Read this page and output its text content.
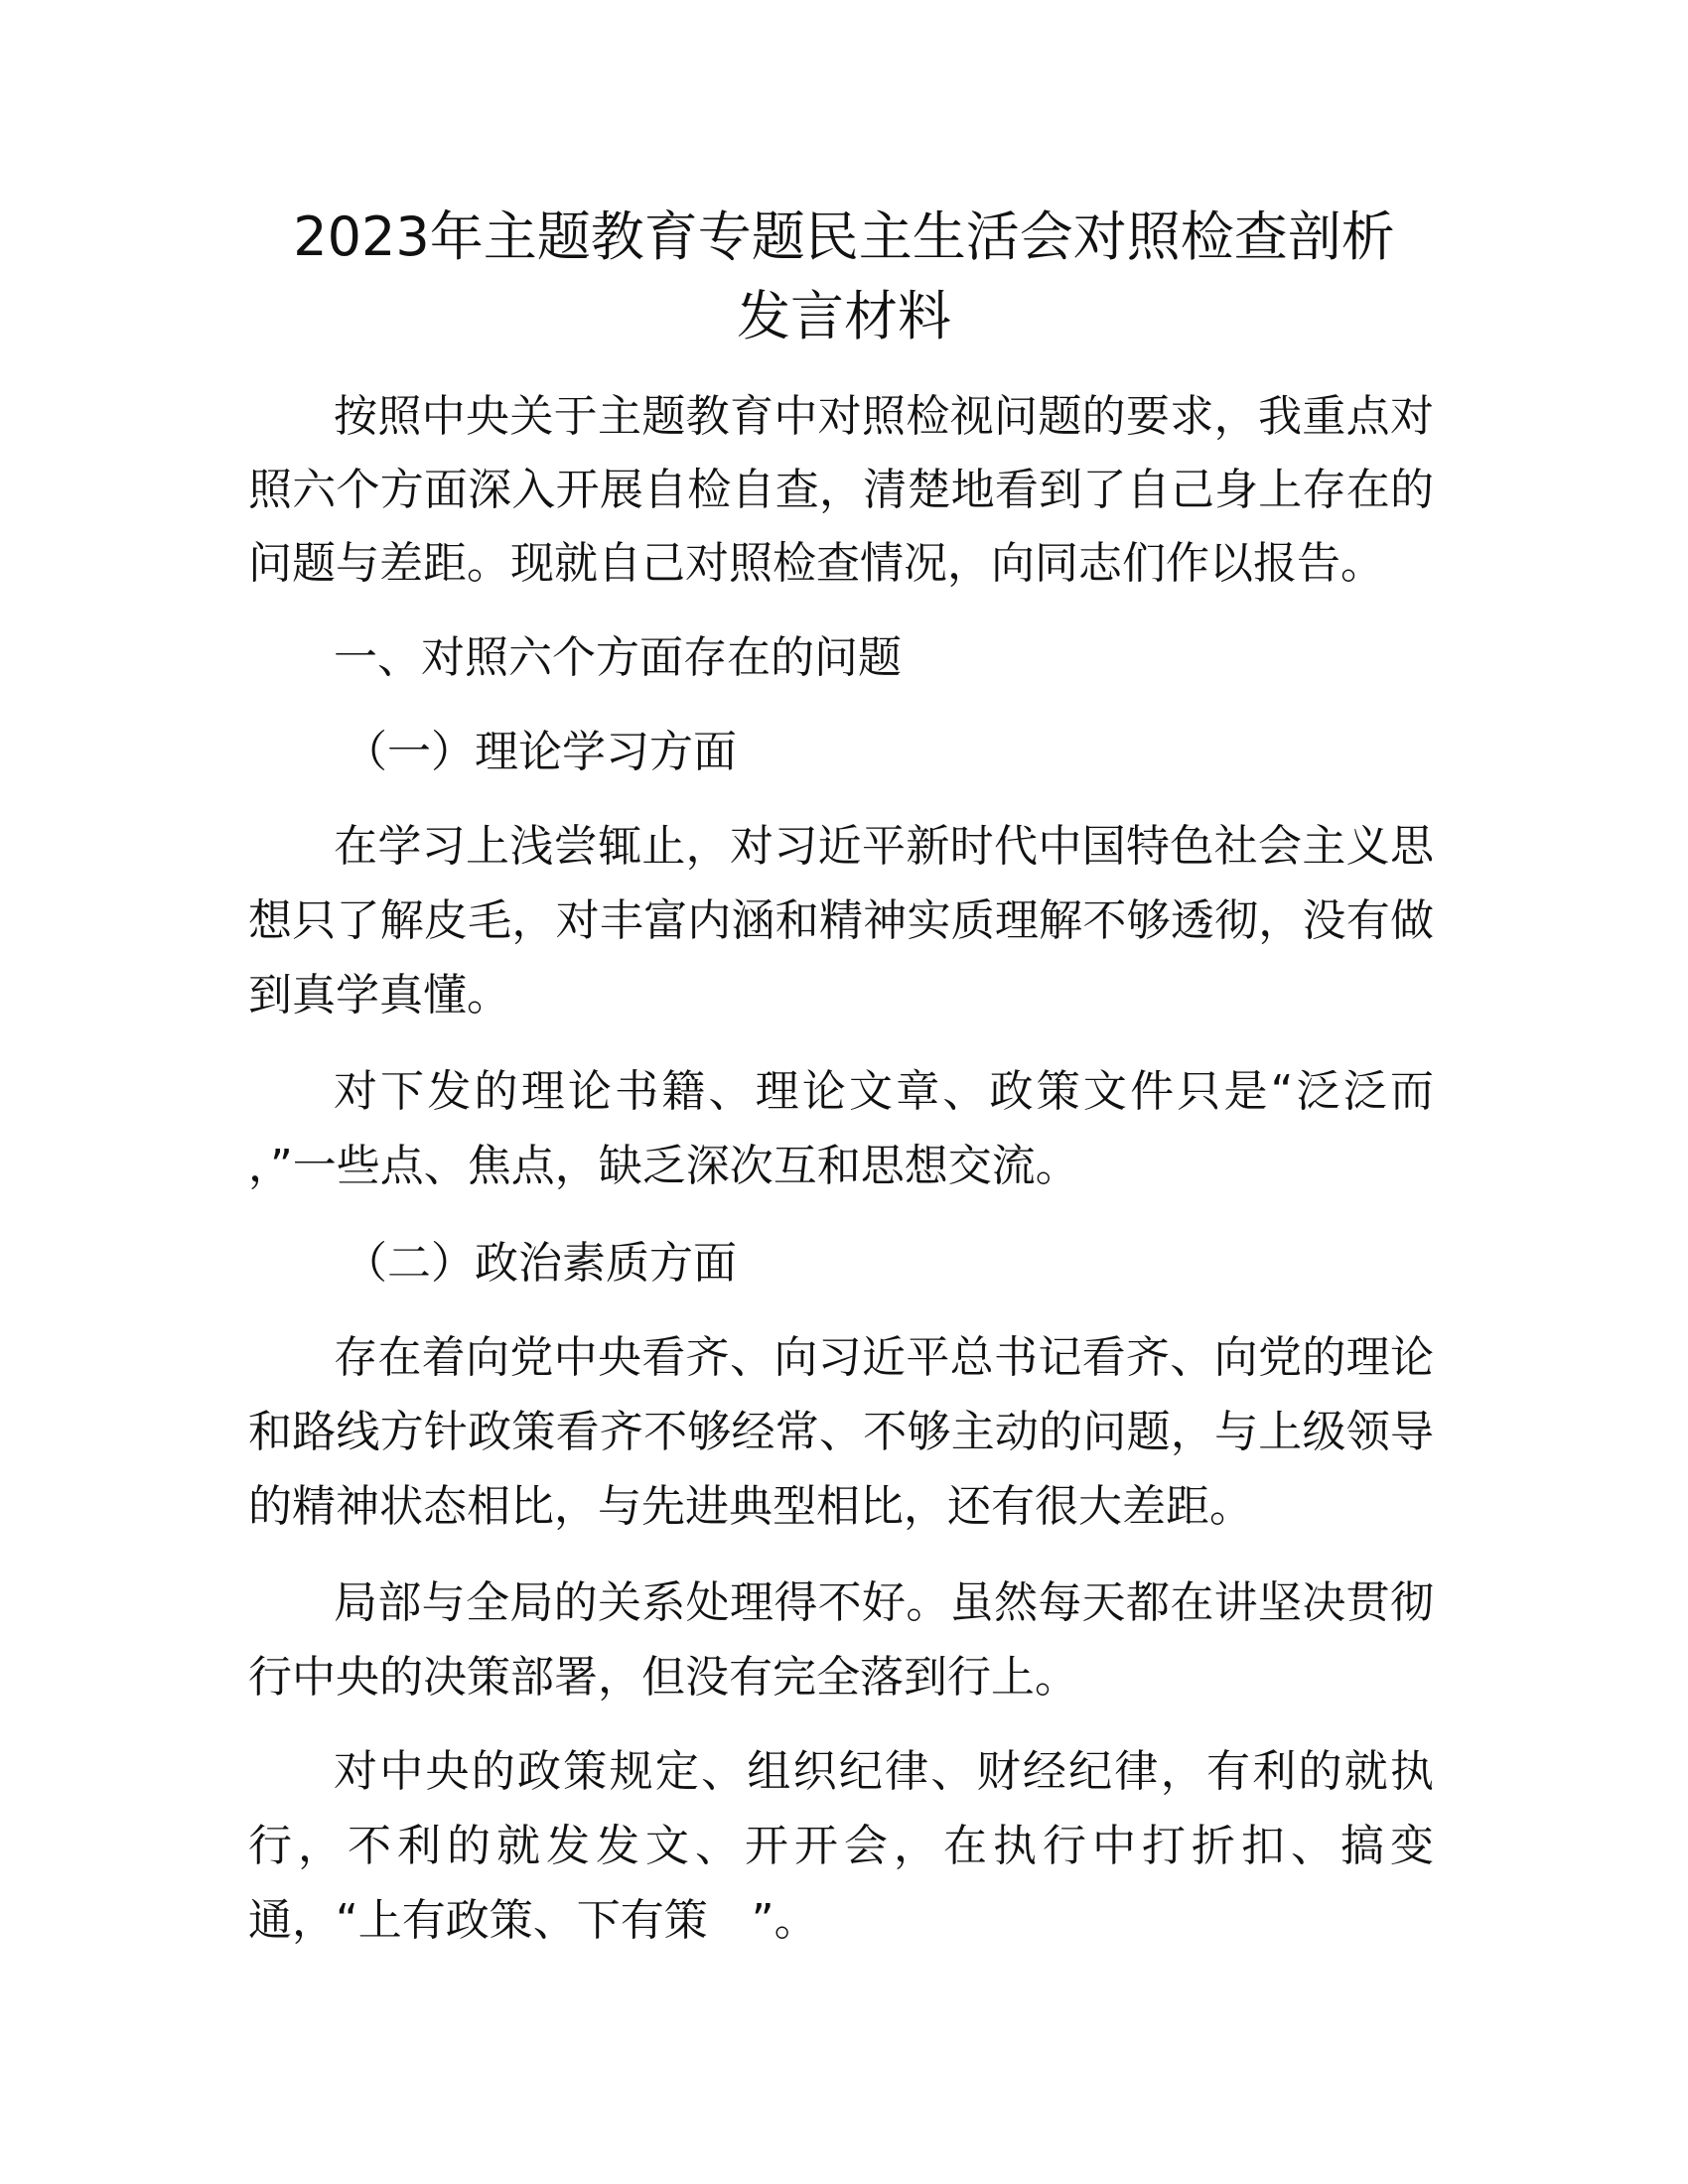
2023年主题教育专题民主生活会对照检查剖析
发言材料
按照中央关于主题教育中对照检视问题的要求，我重点对
照六个方面深入开展自检自查，清楚地看到了自己身上存在的
问题与差距。现就自己对照检查情况，向同志们作以报告。
一、对照六个方面存在的问题
（一）理论学习方面
在学习上浅尝辄止，对习近平新时代中国特色社会主义思
想只了解皮毛，对丰富内涵和精神实质理解不够透彻，没有做
到真学真懂。
对下发的理论书籍、理论文章、政策文件只是“泛泛而
，”一些点、焦点，缺乏深次互和思想交流。
（二）政治素质方面
存在着向党中央看齐、向习近平总书记看齐、向党的理论
和路线方针政策看齐不够经常、不够主动的问题，与上级领导
的精神状态相比，与先进典型相比，还有很大差距。
局部与全局的关系处理得不好。虽然每天都在讲坚决贯彻
行中央的决策部署，但没有完全落到行上。
对中央的政策规定、组织纪律、财经纪律，有利的就执
行，不利的就发发文、开开会，在执行中打折扣、搞变
通，“上有政策、下有策　”。
